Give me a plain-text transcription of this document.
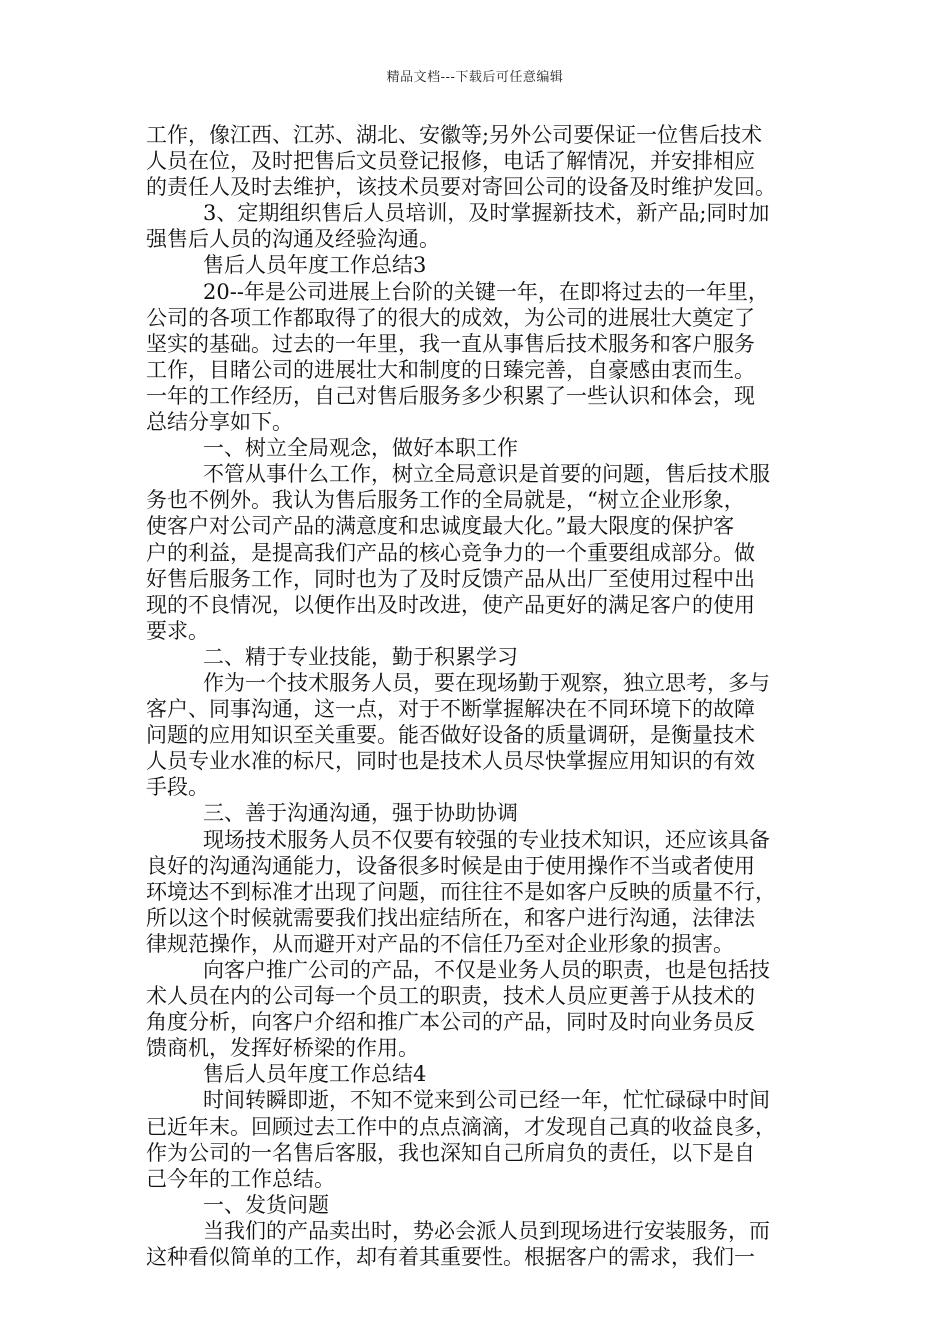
精品文档---下载后可任意编辑
工作，像江西、江苏、湖北、安徽等;另外公司要保证一位售后技术
人员在位，及时把售后文员登记报修，电话了解情况，并安排相应
的责任人及时去维护，该技术员要对寄回公司的设备及时维护发回。
3、定期组织售后人员培训，及时掌握新技术，新产品;同时加
强售后人员的沟通及经验沟通。
售后人员年度工作总结3
20--年是公司进展上台阶的关键一年，在即将过去的一年里，
公司的各项工作都取得了的很大的成效，为公司的进展壮大奠定了
坚实的基础。过去的一年里，我一直从事售后技术服务和客户服务
工作，目睹公司的进展壮大和制度的日臻完善，自豪感由衷而生。
一年的工作经历，自己对售后服务多少积累了一些认识和体会，现
总结分享如下。
一、树立全局观念，做好本职工作
不管从事什么工作，树立全局意识是首要的问题，售后技术服
务也不例外。我认为售后服务工作的全局就是，“树立企业形象，
使客户对公司产品的满意度和忠诚度最大化。”最大限度的保护客
户的利益，是提高我们产品的核心竞争力的一个重要组成部分。做
好售后服务工作，同时也为了及时反馈产品从出厂至使用过程中出
现的不良情况，以便作出及时改进，使产品更好的满足客户的使用
要求。
二、精于专业技能，勤于积累学习
作为一个技术服务人员，要在现场勤于观察，独立思考，多与
客户、同事沟通，这一点，对于不断掌握解决在不同环境下的故障
问题的应用知识至关重要。能否做好设备的质量调研，是衡量技术
人员专业水准的标尺，同时也是技术人员尽快掌握应用知识的有效
手段。
三、善于沟通沟通，强于协助协调
现场技术服务人员不仅要有较强的专业技术知识，还应该具备
良好的沟通沟通能力，设备很多时候是由于使用操作不当或者使用
环境达不到标准才出现了问题，而往往不是如客户反映的质量不行，
所以这个时候就需要我们找出症结所在，和客户进行沟通，法律法
律规范操作，从而避开对产品的不信任乃至对企业形象的损害。
向客户推广公司的产品，不仅是业务人员的职责，也是包括技
术人员在内的公司每一个员工的职责，技术人员应更善于从技术的
角度分析，向客户介绍和推广本公司的产品，同时及时向业务员反
馈商机，发挥好桥梁的作用。
售后人员年度工作总结4
时间转瞬即逝，不知不觉来到公司已经一年，忙忙碌碌中时间
已近年末。回顾过去工作中的点点滴滴，才发现自己真的收益良多，
作为公司的一名售后客服，我也深知自己所肩负的责任，以下是自
己今年的工作总结。
一、发货问题
当我们的产品卖出时，势必会派人员到现场进行安装服务，而
这种看似简单的工作，却有着其重要性。根据客户的需求，我们一
